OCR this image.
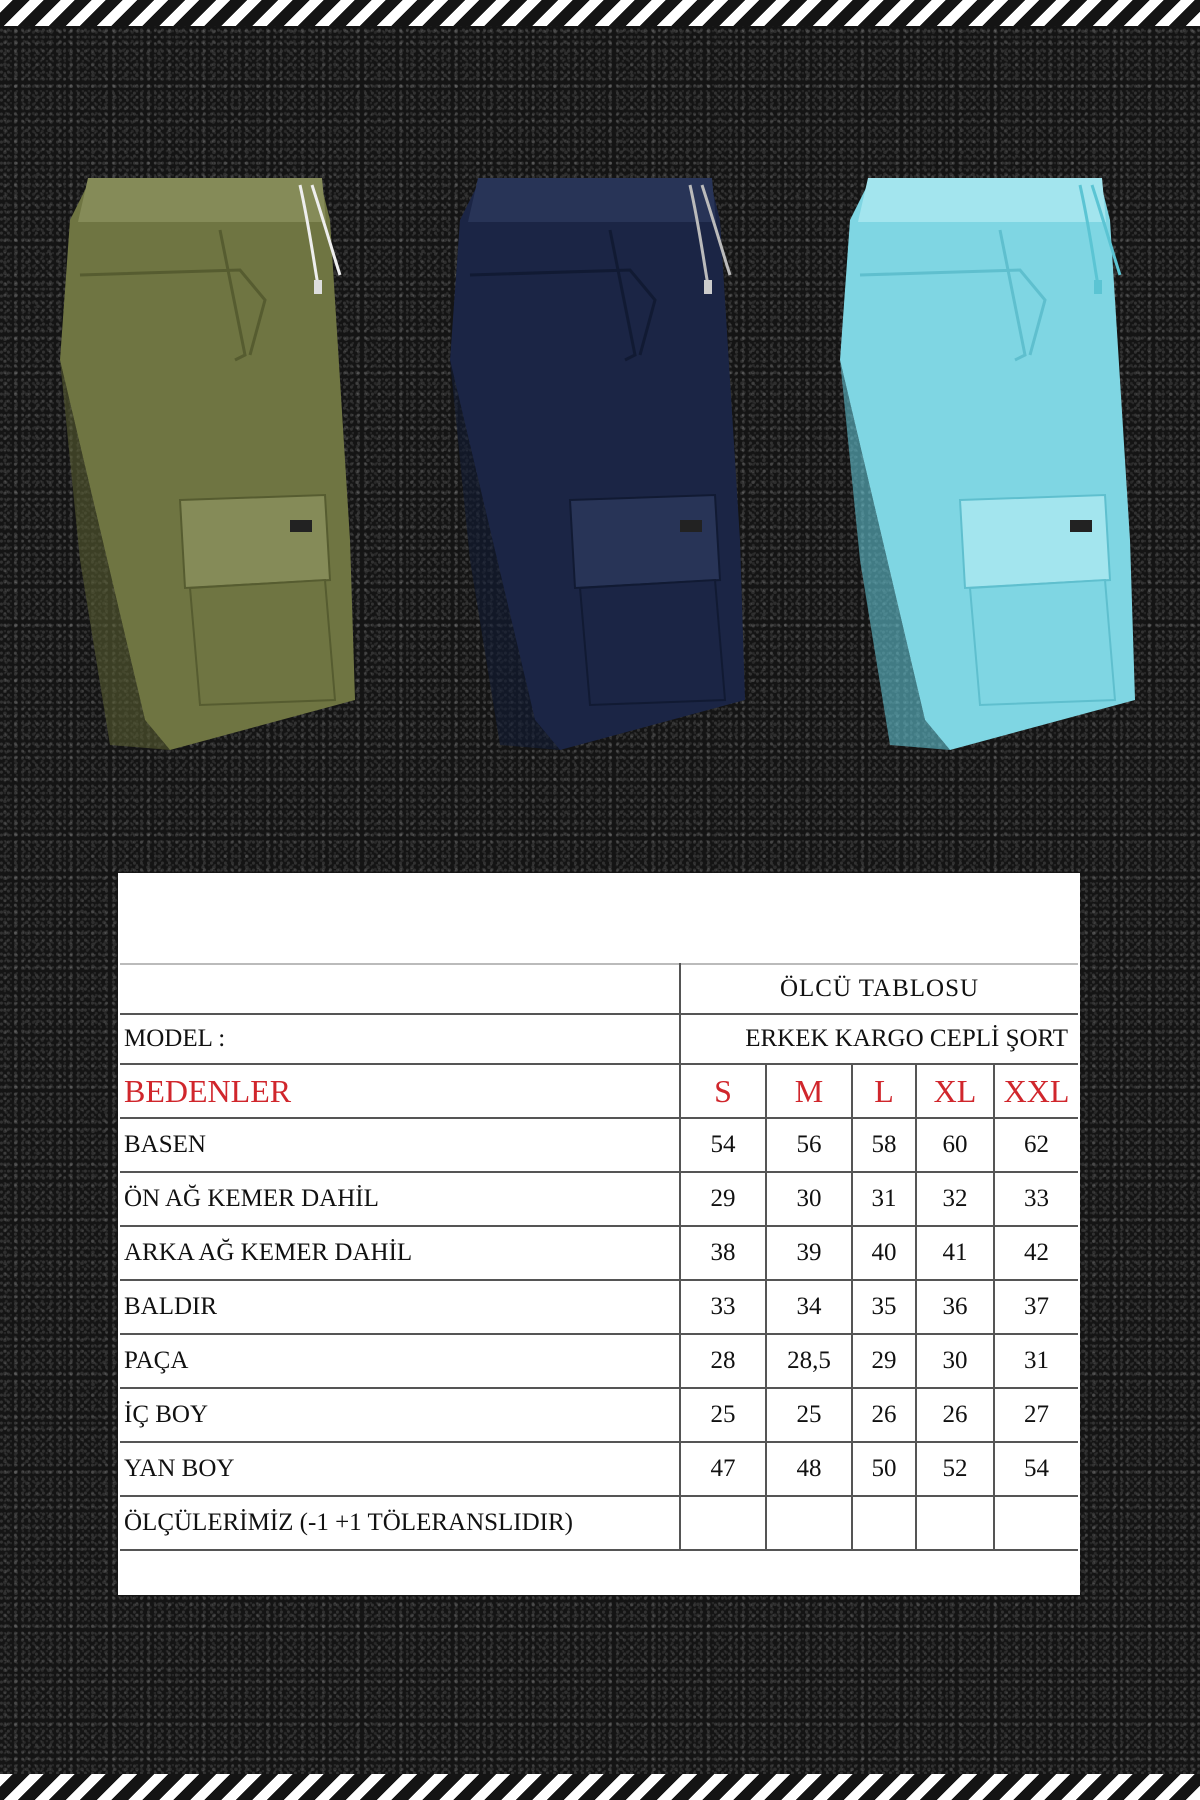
	ÖLCÜ TABLOSU				
MODEL :	ERKEK KARGO CEPLİ ŞORT				
BEDENLER	S	M	L	XL	XXL
BASEN	54	56	58	60	62
ÖN AĞ KEMER DAHİL	29	30	31	32	33
ARKA AĞ KEMER DAHİL	38	39	40	41	42
BALDIR	33	34	35	36	37
PAÇA	28	28,5	29	30	31
İÇ BOY	25	25	26	26	27
YAN BOY	47	48	50	52	54
ÖLÇÜLERİMİZ (-1 +1 TÖLERANSLIDIR)					
